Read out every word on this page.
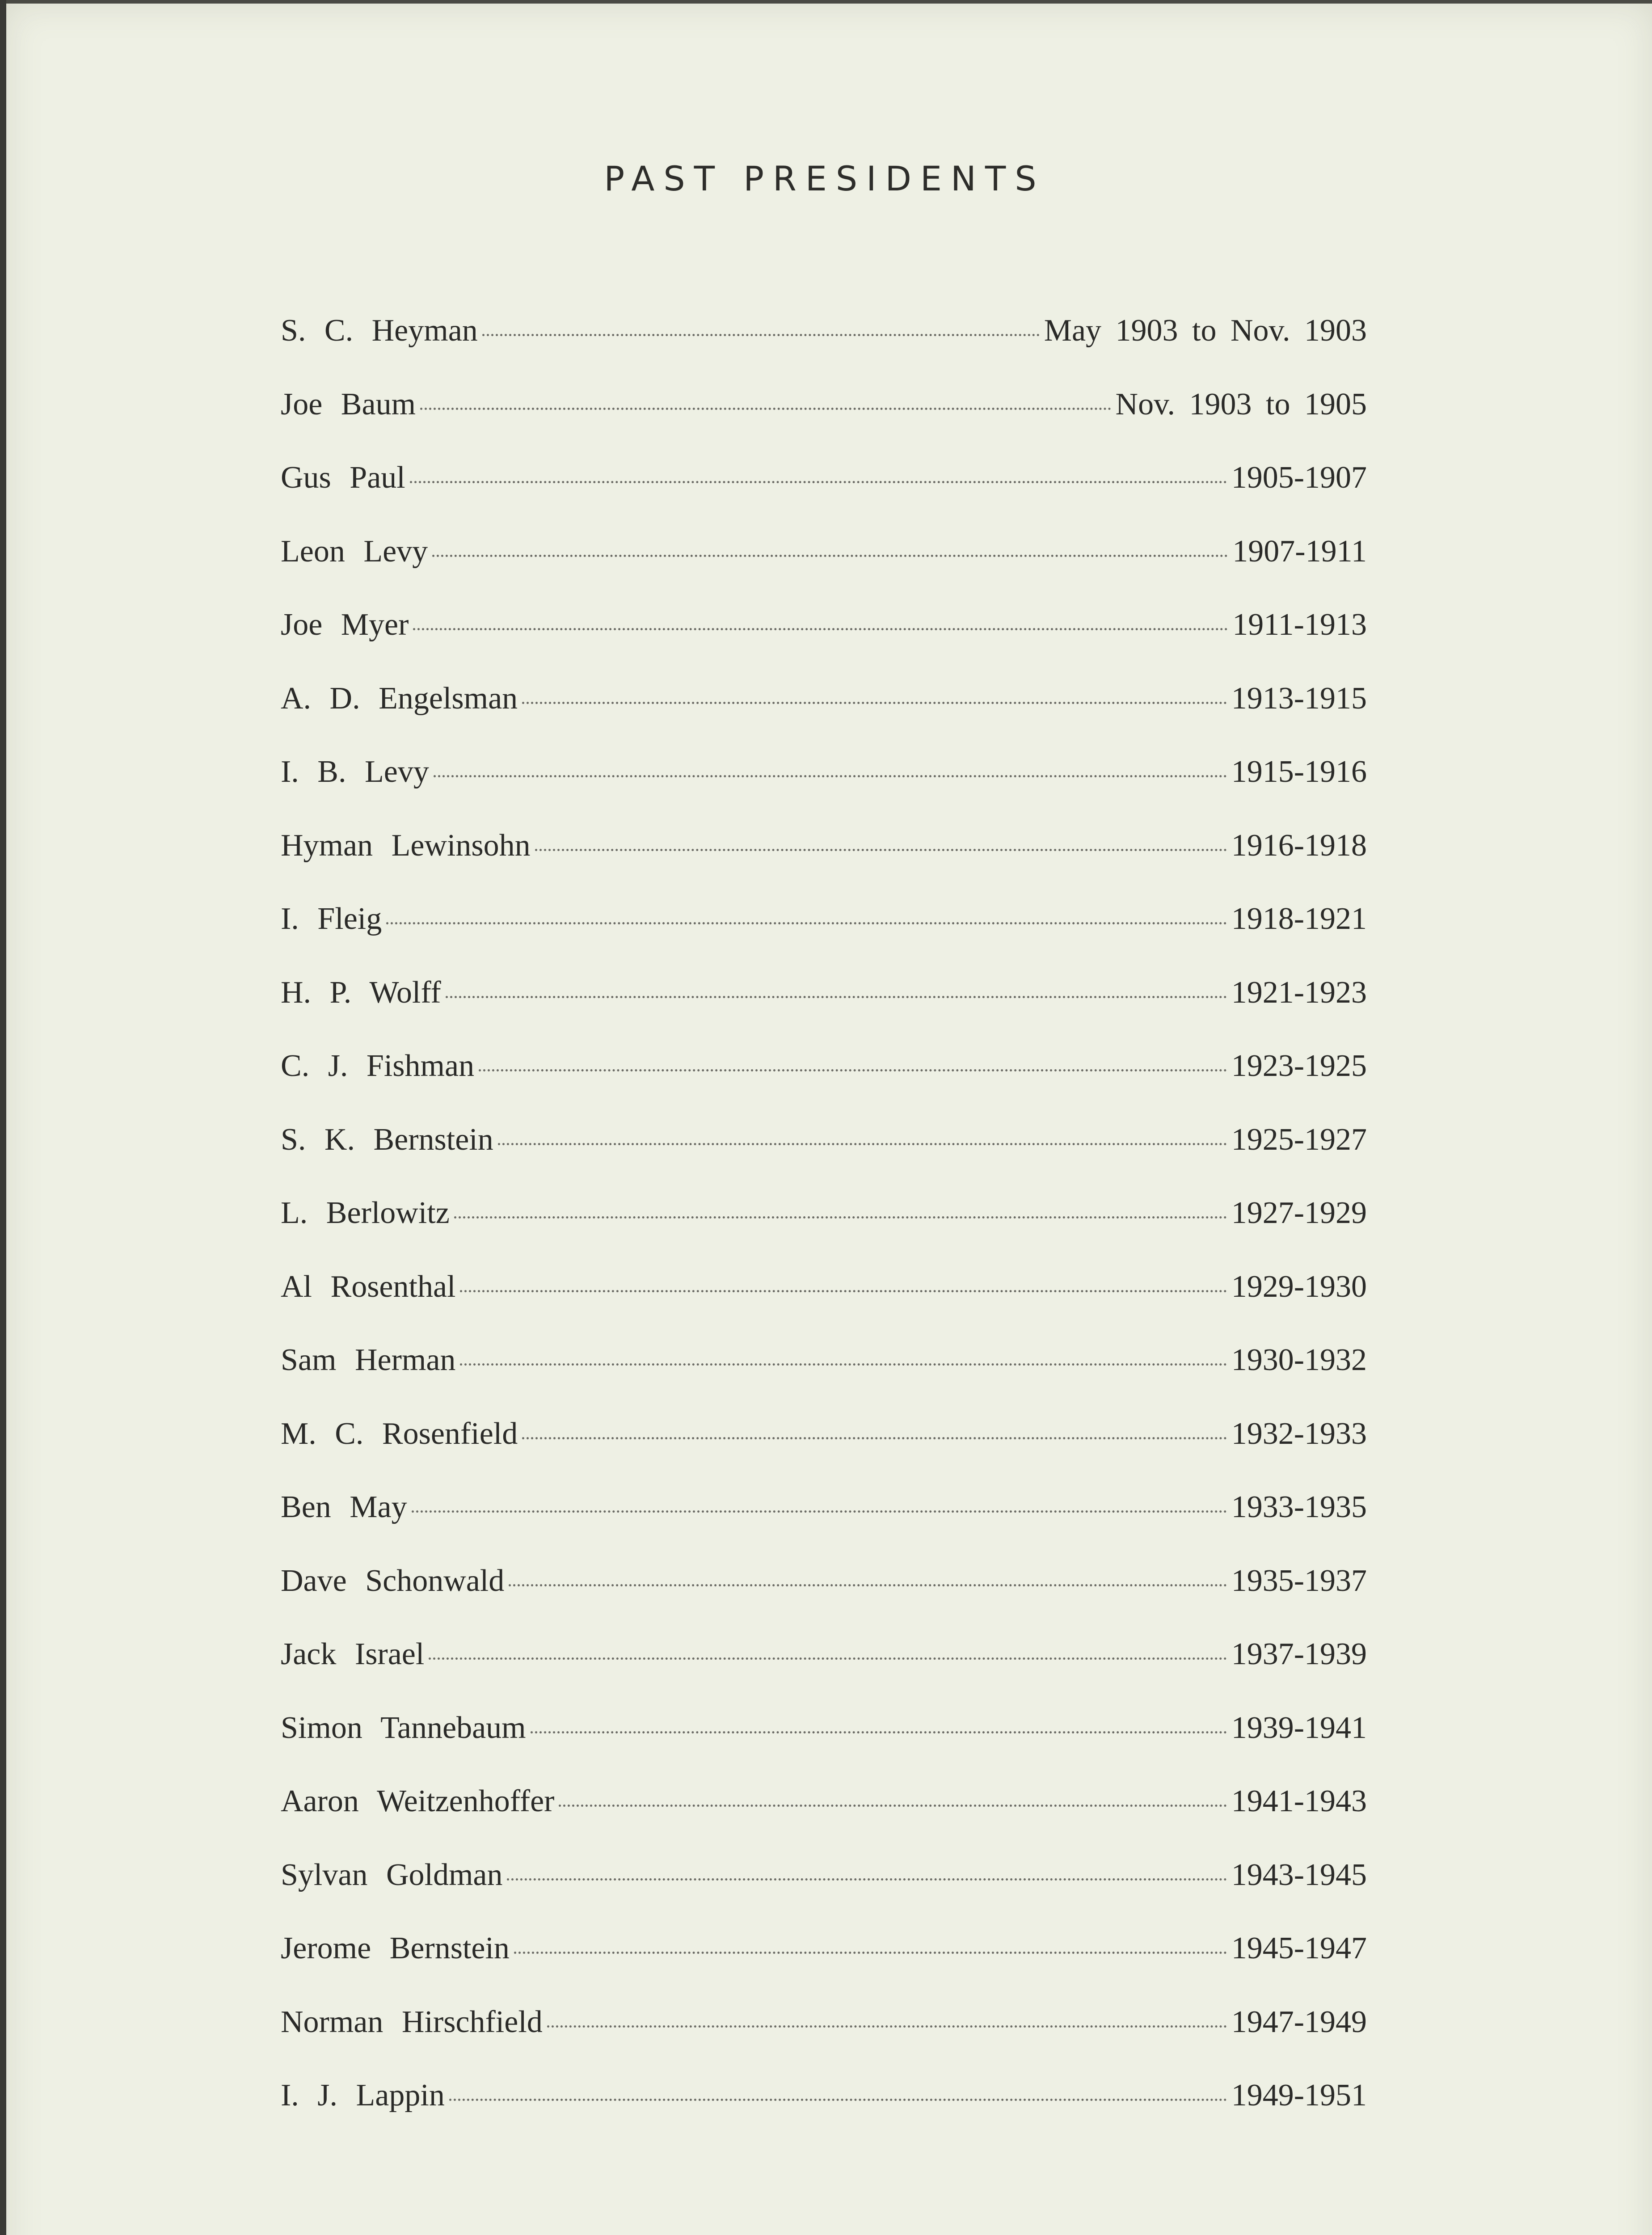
PAST PRESIDENTS
S. C. Heyman	May 1903 to Nov. 1903
Joe Baum	Nov. 1903 to 1905
Gus Paul	1905-1907
Leon Levy	1907-1911
Joe Myer	1911-1913
A. D. Engelsman	1913-1915
I. B. Levy	1915-1916
Hyman Lewinsohn	1916-1918
I. Fleig	1918-1921
H. P. Wolff	1921-1923
C. J. Fishman	1923-1925
S. K. Bernstein	1925-1927
L. Berlowitz	1927-1929
Al Rosenthal	1929-1930
Sam Herman	1930-1932
M. C. Rosenfield	1932-1933
Ben May	1933-1935
Dave Schonwald	1935-1937
Jack Israel	1937-1939
Simon Tannebaum	1939-1941
Aaron Weitzenhoffer	1941-1943
Sylvan Goldman	1943-1945
Jerome Bernstein	1945-1947
Norman Hirschfield	1947-1949
I. J. Lappin	1949-1951
